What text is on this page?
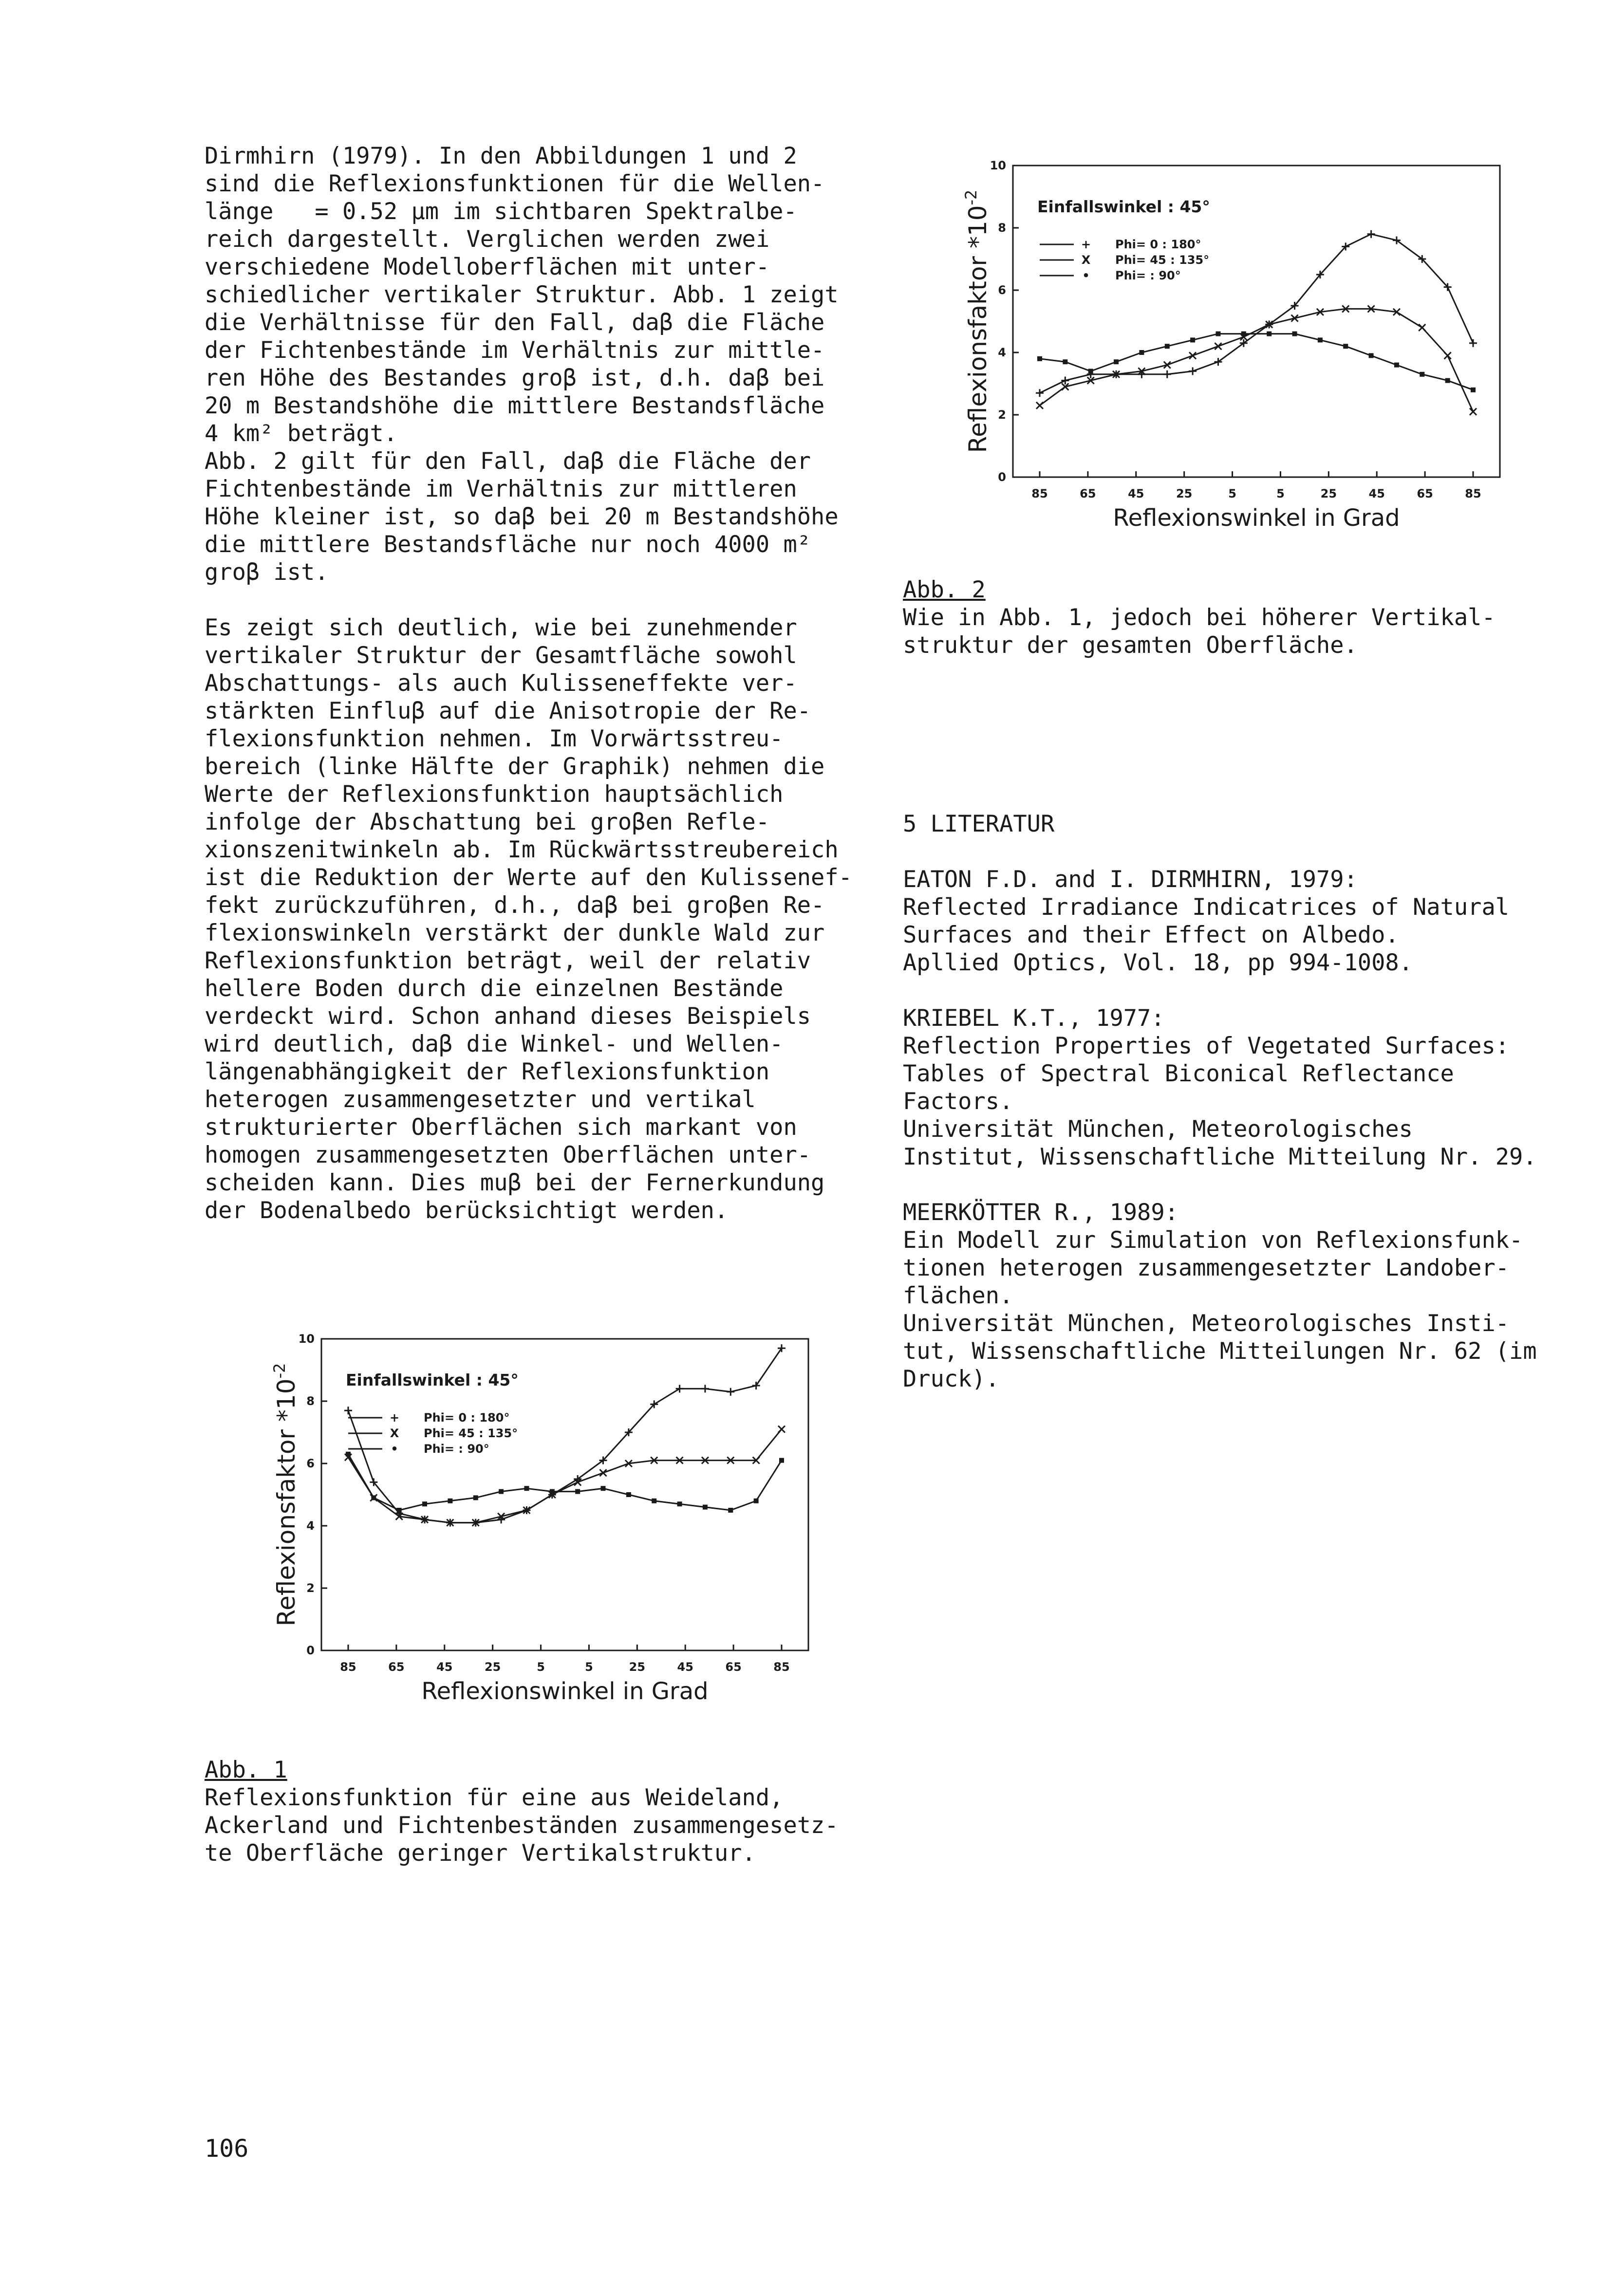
Dirmhirn (1979). In den Abbildungen 1 und 2

sind die Reflexionsfunktionen für die Wellen-

länge   = 0.52 µm im sichtbaren Spektralbe-

reich dargestellt. Verglichen werden zwei

verschiedene Modelloberflächen mit unter-

schiedlicher vertikaler Struktur. Abb. 1 zeigt

die Verhältnisse für den Fall, daβ die Fläche

der Fichtenbestände im Verhältnis zur mittle-

ren Höhe des Bestandes groβ ist, d.h. daβ bei

20 m Bestandshöhe die mittlere Bestandsfläche

4 km² beträgt.

Abb. 2 gilt für den Fall, daβ die Fläche der

Fichtenbestände im Verhältnis zur mittleren

Höhe kleiner ist, so daβ bei 20 m Bestandshöhe

die mittlere Bestandsfläche nur noch 4000 m²

groβ ist.

Es zeigt sich deutlich, wie bei zunehmender

vertikaler Struktur der Gesamtfläche sowohl

Abschattungs- als auch Kulisseneffekte ver-

stärkten Einfluβ auf die Anisotropie der Re-

flexionsfunktion nehmen. Im Vorwärtsstreu-

bereich (linke Hälfte der Graphik) nehmen die

Werte der Reflexionsfunktion hauptsächlich

infolge der Abschattung bei groβen Refle-

xionszenitwinkeln ab. Im Rückwärtsstreubereich

ist die Reduktion der Werte auf den Kulissenef-

fekt zurückzuführen, d.h., daβ bei groβen Re-

flexionswinkeln verstärkt der dunkle Wald zur

Reflexionsfunktion beträgt, weil der relativ

hellere Boden durch die einzelnen Bestände

verdeckt wird. Schon anhand dieses Beispiels

wird deutlich, daβ die Winkel- und Wellen-

längenabhängigkeit der Reflexionsfunktion

heterogen zusammengesetzter und vertikal

strukturierter Oberflächen sich markant von

homogen zusammengesetzten Oberflächen unter-

scheiden kann. Dies muβ bei der Fernerkundung

der Bodenalbedo berücksichtigt werden.

0
2
4
6
8
10
85	65	45	25	5	5	25	45	65	85
Reflexionswinkel in Grad
Reflexionsfaktor $*10^{-2}$	Einfallswinkel : 45°
+ Phi= 0 : 180°
X Phi= 45 : 135°
• Phi= : 90°

Abb. 2

Wie in Abb. 1, jedoch bei höherer Vertikal-

struktur der gesamten Oberfläche.

5 LITERATUR

EATON F.D. and I. DIRMHIRN, 1979:

Reflected Irradiance Indicatrices of Natural

Surfaces and their Effect on Albedo.

Apllied Optics, Vol. 18, pp 994-1008.

KRIEBEL K.T., 1977:

Reflection Properties of Vegetated Surfaces:

Tables of Spectral Biconical Reflectance

Factors.

Universität München, Meteorologisches

Institut, Wissenschaftliche Mitteilung Nr. 29.

MEERKÖTTER R., 1989:

Ein Modell zur Simulation von Reflexionsfunk-

tionen heterogen zusammengesetzter Landober-

flächen.

Universität München, Meteorologisches Insti-

tut, Wissenschaftliche Mitteilungen Nr. 62 (im

Druck).

0
2
4
6
8
10
85	65	45	25	5	5	25	45	65	85
Reflexionswinkel in Grad
Reflexionsfaktor $*10^{-2}$	Einfallswinkel : 45°
+ Phi= 0 : 180°
X Phi= 45 : 135°
• Phi= : 90°

Abb. 1

Reflexionsfunktion für eine aus Weideland,

Ackerland und Fichtenbeständen zusammengesetz-

te Oberfläche geringer Vertikalstruktur.

106
